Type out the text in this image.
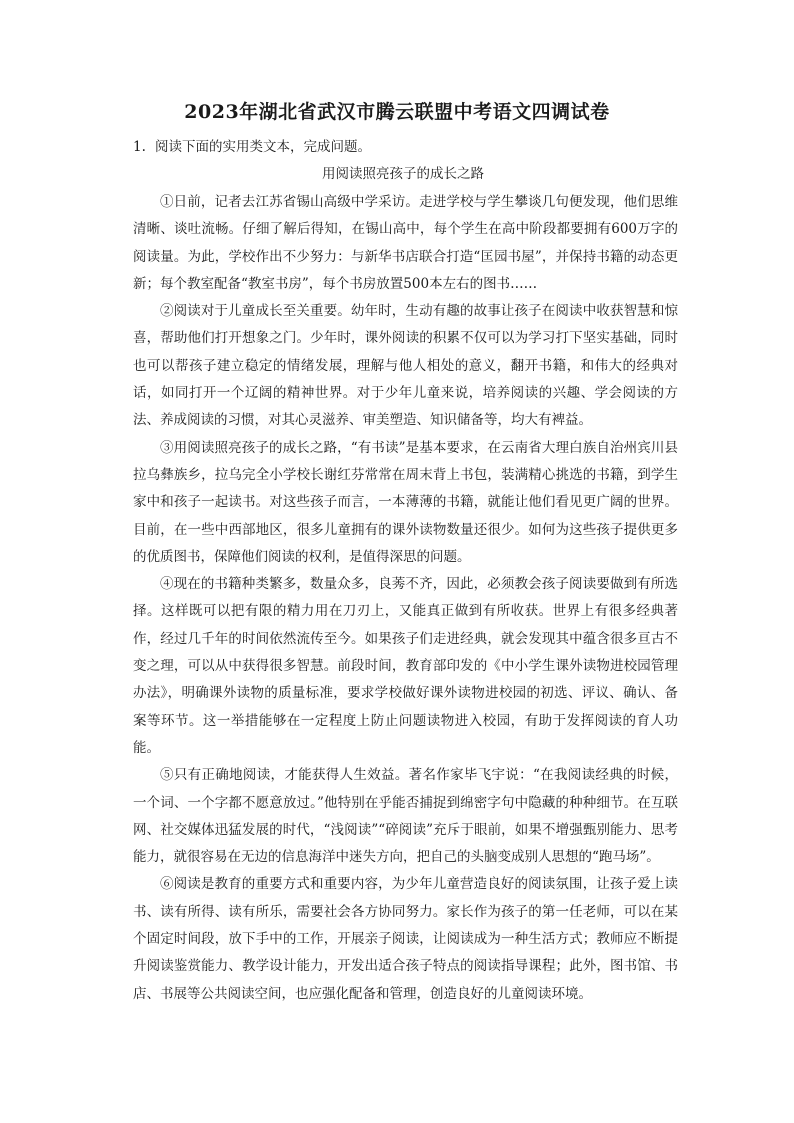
2023年湖北省武汉市腾云联盟中考语文四调试卷
1. 阅读下面的实用类文本，完成问题。
用阅读照亮孩子的成长之路

①日前，记者去江苏省锡山高级中学采访。走进学校与学生攀谈几句便发现，他们思维清晰、谈吐流畅。仔细了解后得知，在锡山高中，每个学生在高中阶段都要拥有600万字的阅读量。为此，学校作出不少努力：与新华书店联合打造“匡园书屋”，并保持书籍的动态更新；每个教室配备“教室书房”，每个书房放置500本左右的图书……

②阅读对于儿童成长至关重要。幼年时，生动有趣的故事让孩子在阅读中收获智慧和惊喜，帮助他们打开想象之门。少年时，课外阅读的积累不仅可以为学习打下坚实基础，同时也可以帮孩子建立稳定的情绪发展，理解与他人相处的意义，翻开书籍，和伟大的经典对话，如同打开一个辽阔的精神世界。对于少年儿童来说，培养阅读的兴趣、学会阅读的方法、养成阅读的习惯，对其心灵滋养、审美塑造、知识储备等，均大有裨益。

③用阅读照亮孩子的成长之路，“有书读”是基本要求，在云南省大理白族自治州宾川县拉乌彝族乡，拉乌完全小学校长谢红芬常常在周末背上书包，装满精心挑选的书籍，到学生家中和孩子一起读书。对这些孩子而言，一本薄薄的书籍，就能让他们看见更广阔的世界。目前，在一些中西部地区，很多儿童拥有的课外读物数量还很少。如何为这些孩子提供更多的优质图书，保障他们阅读的权利，是值得深思的问题。

④现在的书籍种类繁多，数量众多，良莠不齐，因此，必须教会孩子阅读要做到有所选择。这样既可以把有限的精力用在刀刃上，又能真正做到有所收获。世界上有很多经典著作，经过几千年的时间依然流传至今。如果孩子们走进经典，就会发现其中蕴含很多亘古不变之理，可以从中获得很多智慧。前段时间，教育部印发的《中小学生课外读物进校园管理办法》，明确课外读物的质量标准，要求学校做好课外读物进校园的初选、评议、确认、备案等环节。这一举措能够在一定程度上防止问题读物进入校园，有助于发挥阅读的育人功能。

⑤只有正确地阅读，才能获得人生效益。著名作家毕飞宇说：“在我阅读经典的时候，一个词、一个字都不愿意放过。”他特别在乎能否捕捉到绵密字句中隐藏的种种细节。在互联网、社交媒体迅猛发展的时代，“浅阅读”“碎阅读”充斥于眼前，如果不增强甄别能力、思考能力，就很容易在无边的信息海洋中迷失方向，把自己的头脑变成别人思想的“跑马场”。

⑥阅读是教育的重要方式和重要内容，为少年儿童营造良好的阅读氛围，让孩子爱上读书、读有所得、读有所乐，需要社会各方协同努力。家长作为孩子的第一任老师，可以在某个固定时间段，放下手中的工作，开展亲子阅读，让阅读成为一种生活方式；教师应不断提升阅读鉴赏能力、教学设计能力，开发出适合孩子特点的阅读指导课程；此外，图书馆、书店、书展等公共阅读空间，也应强化配备和管理，创造良好的儿童阅读环境。
